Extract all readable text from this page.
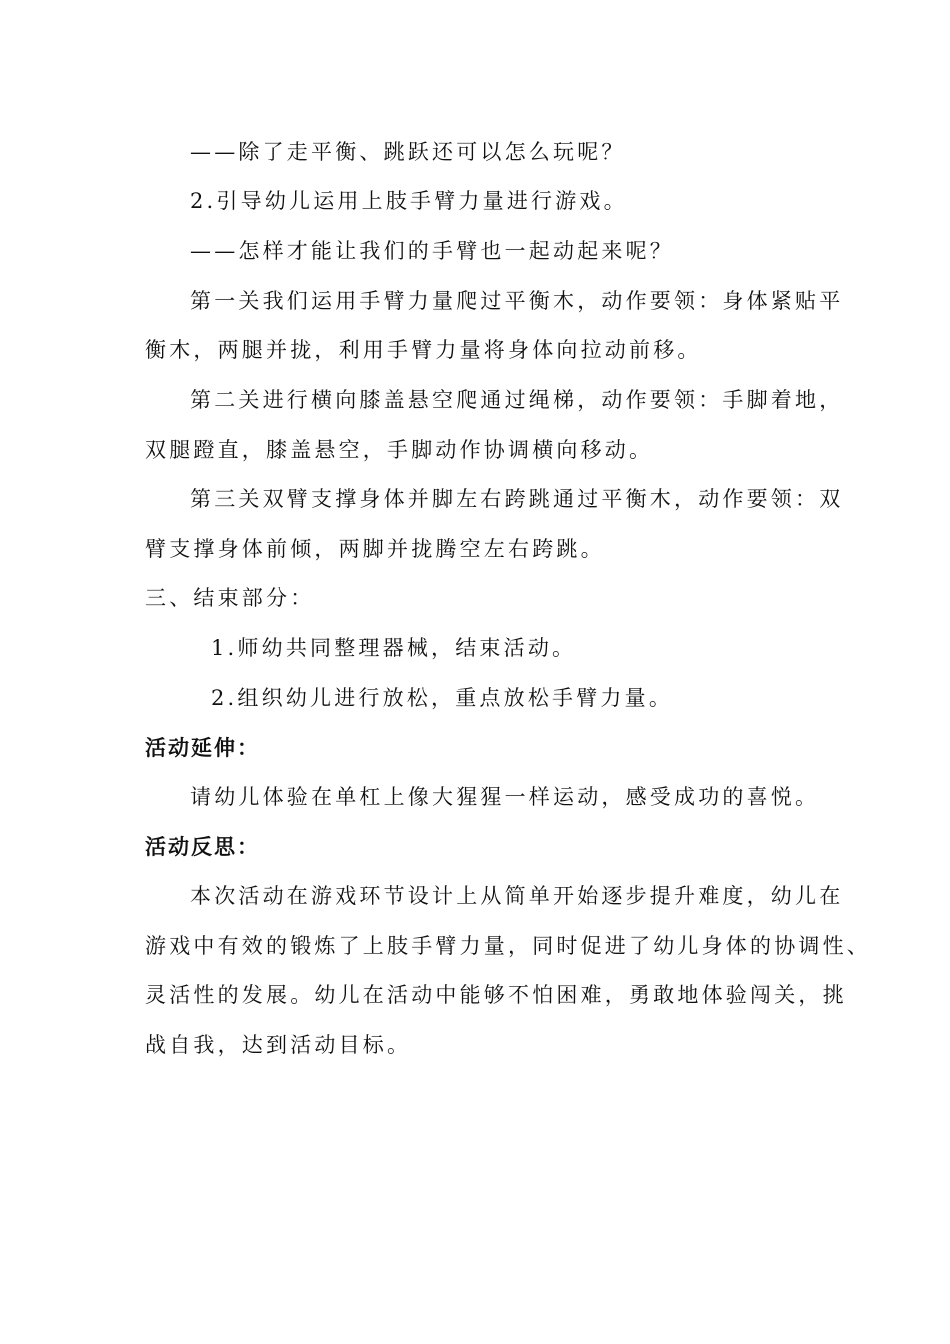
——除了走平衡、跳跃还可以怎么玩呢？
2.引导幼儿运用上肢手臂力量进行游戏。
——怎样才能让我们的手臂也一起动起来呢？
第一关我们运用手臂力量爬过平衡木，动作要领：身体紧贴平
衡木，两腿并拢，利用手臂力量将身体向拉动前移。
第二关进行横向膝盖悬空爬通过绳梯，动作要领：手脚着地，
双腿蹬直，膝盖悬空，手脚动作协调横向移动。
第三关双臂支撑身体并脚左右跨跳通过平衡木，动作要领：双
臂支撑身体前倾，两脚并拢腾空左右跨跳。
三、结束部分：
1.师幼共同整理器械，结束活动。
2.组织幼儿进行放松，重点放松手臂力量。
活动延伸：
请幼儿体验在单杠上像大猩猩一样运动，感受成功的喜悦。
活动反思：
本次活动在游戏环节设计上从简单开始逐步提升难度，幼儿在
游戏中有效的锻炼了上肢手臂力量，同时促进了幼儿身体的协调性、
灵活性的发展。幼儿在活动中能够不怕困难，勇敢地体验闯关，挑
战自我，达到活动目标。
